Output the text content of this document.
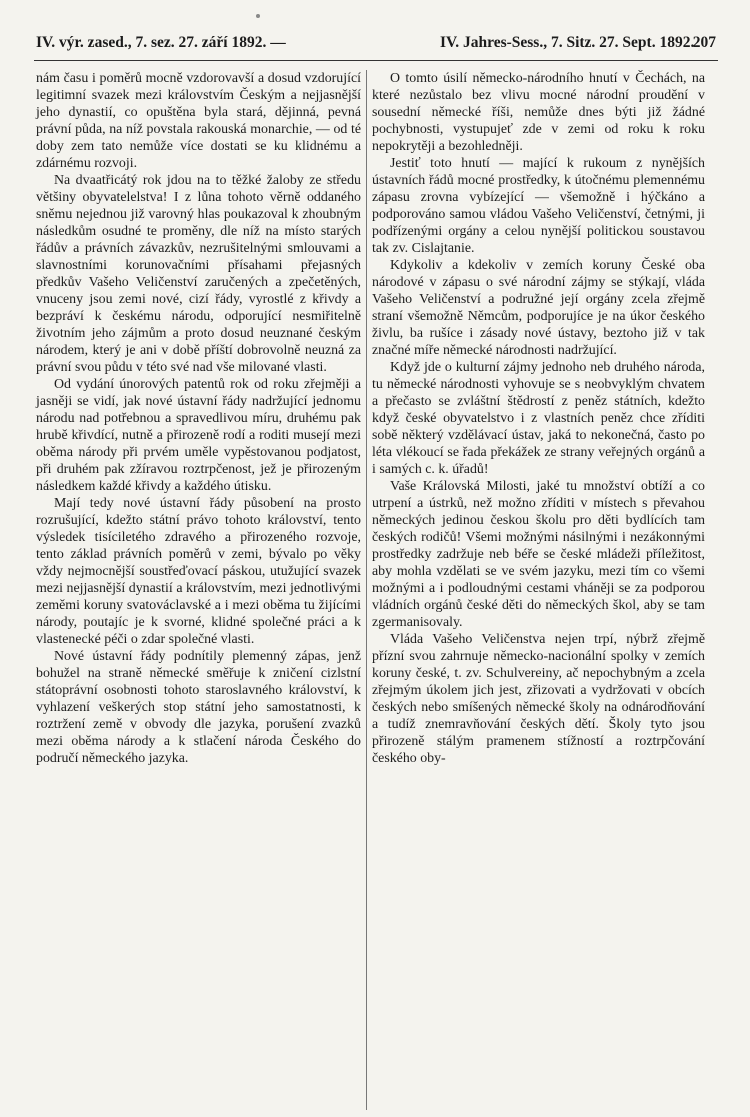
IV. výr. zased., 7. sez. 27. září 1892. —	IV. Jahres-Sess., 7. Sitz. 27. Sept. 1892.
207

nám času i poměrů mocně vzdorovavší a dosud vzdorující legitimní svazek mezi královstvím Českým a nejjasnější jeho dynastií, co opuštěna byla stará, dějinná, pevná právní půda, na níž povstala rakouská monarchie, — od té doby zem tato nemůže více dostati se ku klidnému a zdárnému rozvoji.

Na dvaatřicátý rok jdou na to těžké žaloby ze středu většiny obyvatelelstva! I z lůna tohoto věrně oddaného sněmu nejednou již varovný hlas poukazoval k zhoubným následkům osudné te proměny, dle níž na místo starých řádův a právních závazkův, nezrušitelnými smlouvami a slavnostními korunovačními přísahami přejasných předkův Vašeho Veličenství zaručených a zpečetěných, vnuceny jsou zemi nové, cizí řády, vyrostlé z křivdy a bezpráví k českému národu, odporující nesmiřitelně životním jeho zájmům a proto dosud neuznané českým národem, který je ani v době příští dobrovolně neuzná za právní svou půdu v této své nad vše milované vlasti.

Od vydání únorových patentů rok od roku zřejměji a jasněji se vidí, jak nové ústavní řády nadržující jednomu národu nad potřebnou a spravedlivou míru, druhému pak hrubě křivdící, nutně a přirozeně rodí a roditi musejí mezi oběma národy při prvém uměle vypěstovanou podjatost, při druhém pak zžíravou roztrpčenost, jež je přirozeným následkem každé křivdy a každého útisku.

Mají tedy nové ústavní řády působení na prosto rozrušující, kdežto státní právo tohoto království, tento výsledek tisíciletého zdravého a přirozeného rozvoje, tento základ právních poměrů v zemi, bývalo po věky vždy nejmocnější soustřeďovací páskou, utužující svazek mezi nejjasnější dynastií a královstvím, mezi jednotlivými zeměmi koruny svatováclavské a i mezi oběma tu žijícími národy, poutajíc je k svorné, klidné společné práci a k vlastenecké péči o zdar společné vlasti.

Nové ústavní řády podnítily plemenný zápas, jenž bohužel na straně německé směřuje k zničení cizlstní státoprávní osobnosti tohoto staroslavného království, k vyhlazení veškerých stop státní jeho samostatnosti, k roztržení země v obvody dle jazyka, porušení zvazků mezi oběma národy a k stlačení národa Českého do područí německého jazyka.

O tomto úsilí německo-národního hnutí v Čechách, na které nezůstalo bez vlivu mocné národní proudění v sousední německé říši, nemůže dnes býti již žádné pochybnosti, vystupujeť zde v zemi od roku k roku nepokrytěji a bezohledněji.

Jestiť toto hnutí — mající k rukoum z nynějších ústavních řádů mocné prostředky, k útočnému plemennému zápasu zrovna vybízející — všemožně i hýčkáno a podporováno samou vládou Vašeho Veličenství, četnými, ji podřízenými orgány a celou nynější politickou soustavou tak zv. Cislajtanie.

Kdykoliv a kdekoliv v zemích koruny České oba národové v zápasu o své národní zájmy se stýkají, vláda Vašeho Veličenství a podružné její orgány zcela zřejmě straní všemožně Němcům, podporujíce je na úkor českého živlu, ba rušíce i zásady nové ústavy, beztoho již v tak značné míře německé národnosti nadržující.

Když jde o kulturní zájmy jednoho neb druhého národa, tu německé národnosti vyhovuje se s neobvyklým chvatem a přečasto se zvláštní štědrostí z peněz státních, kdežto když české obyvatelstvo i z vlastních peněz chce zříditi sobě některý vzdělávací ústav, jaká to nekonečná, často po léta vlékoucí se řada překážek ze strany veřejných orgánů a i samých c. k. úřadů!

Vaše Královská Milosti, jaké tu množství obtíží a co utrpení a ústrků, než možno zříditi v místech s převahou německých jedinou českou školu pro děti bydlících tam českých rodičů! Všemi možnými násilnými i nezákonnými prostředky zadržuje neb béře se české mládeži příležitost, aby mohla vzdělati se ve svém jazyku, mezi tím co všemi možnými a i podloudnými cestami vháněji se za podporou vládních orgánů české děti do německých škol, aby se tam zgermanisovaly.

Vláda Vašeho Veličenstva nejen trpí, nýbrž zřejmě přízní svou zahrnuje německo-nacionální spolky v zemích koruny české, t. zv. Schulvereiny, ač nepochybným a zcela zřejmým úkolem jich jest, zřizovati a vydržovati v obcích českých nebo smíšených německé školy na odnárodňování a tudíž znemravňování českých dětí. Školy tyto jsou přirozeně stálým pramenem stížností a roztrpčování českého oby-
